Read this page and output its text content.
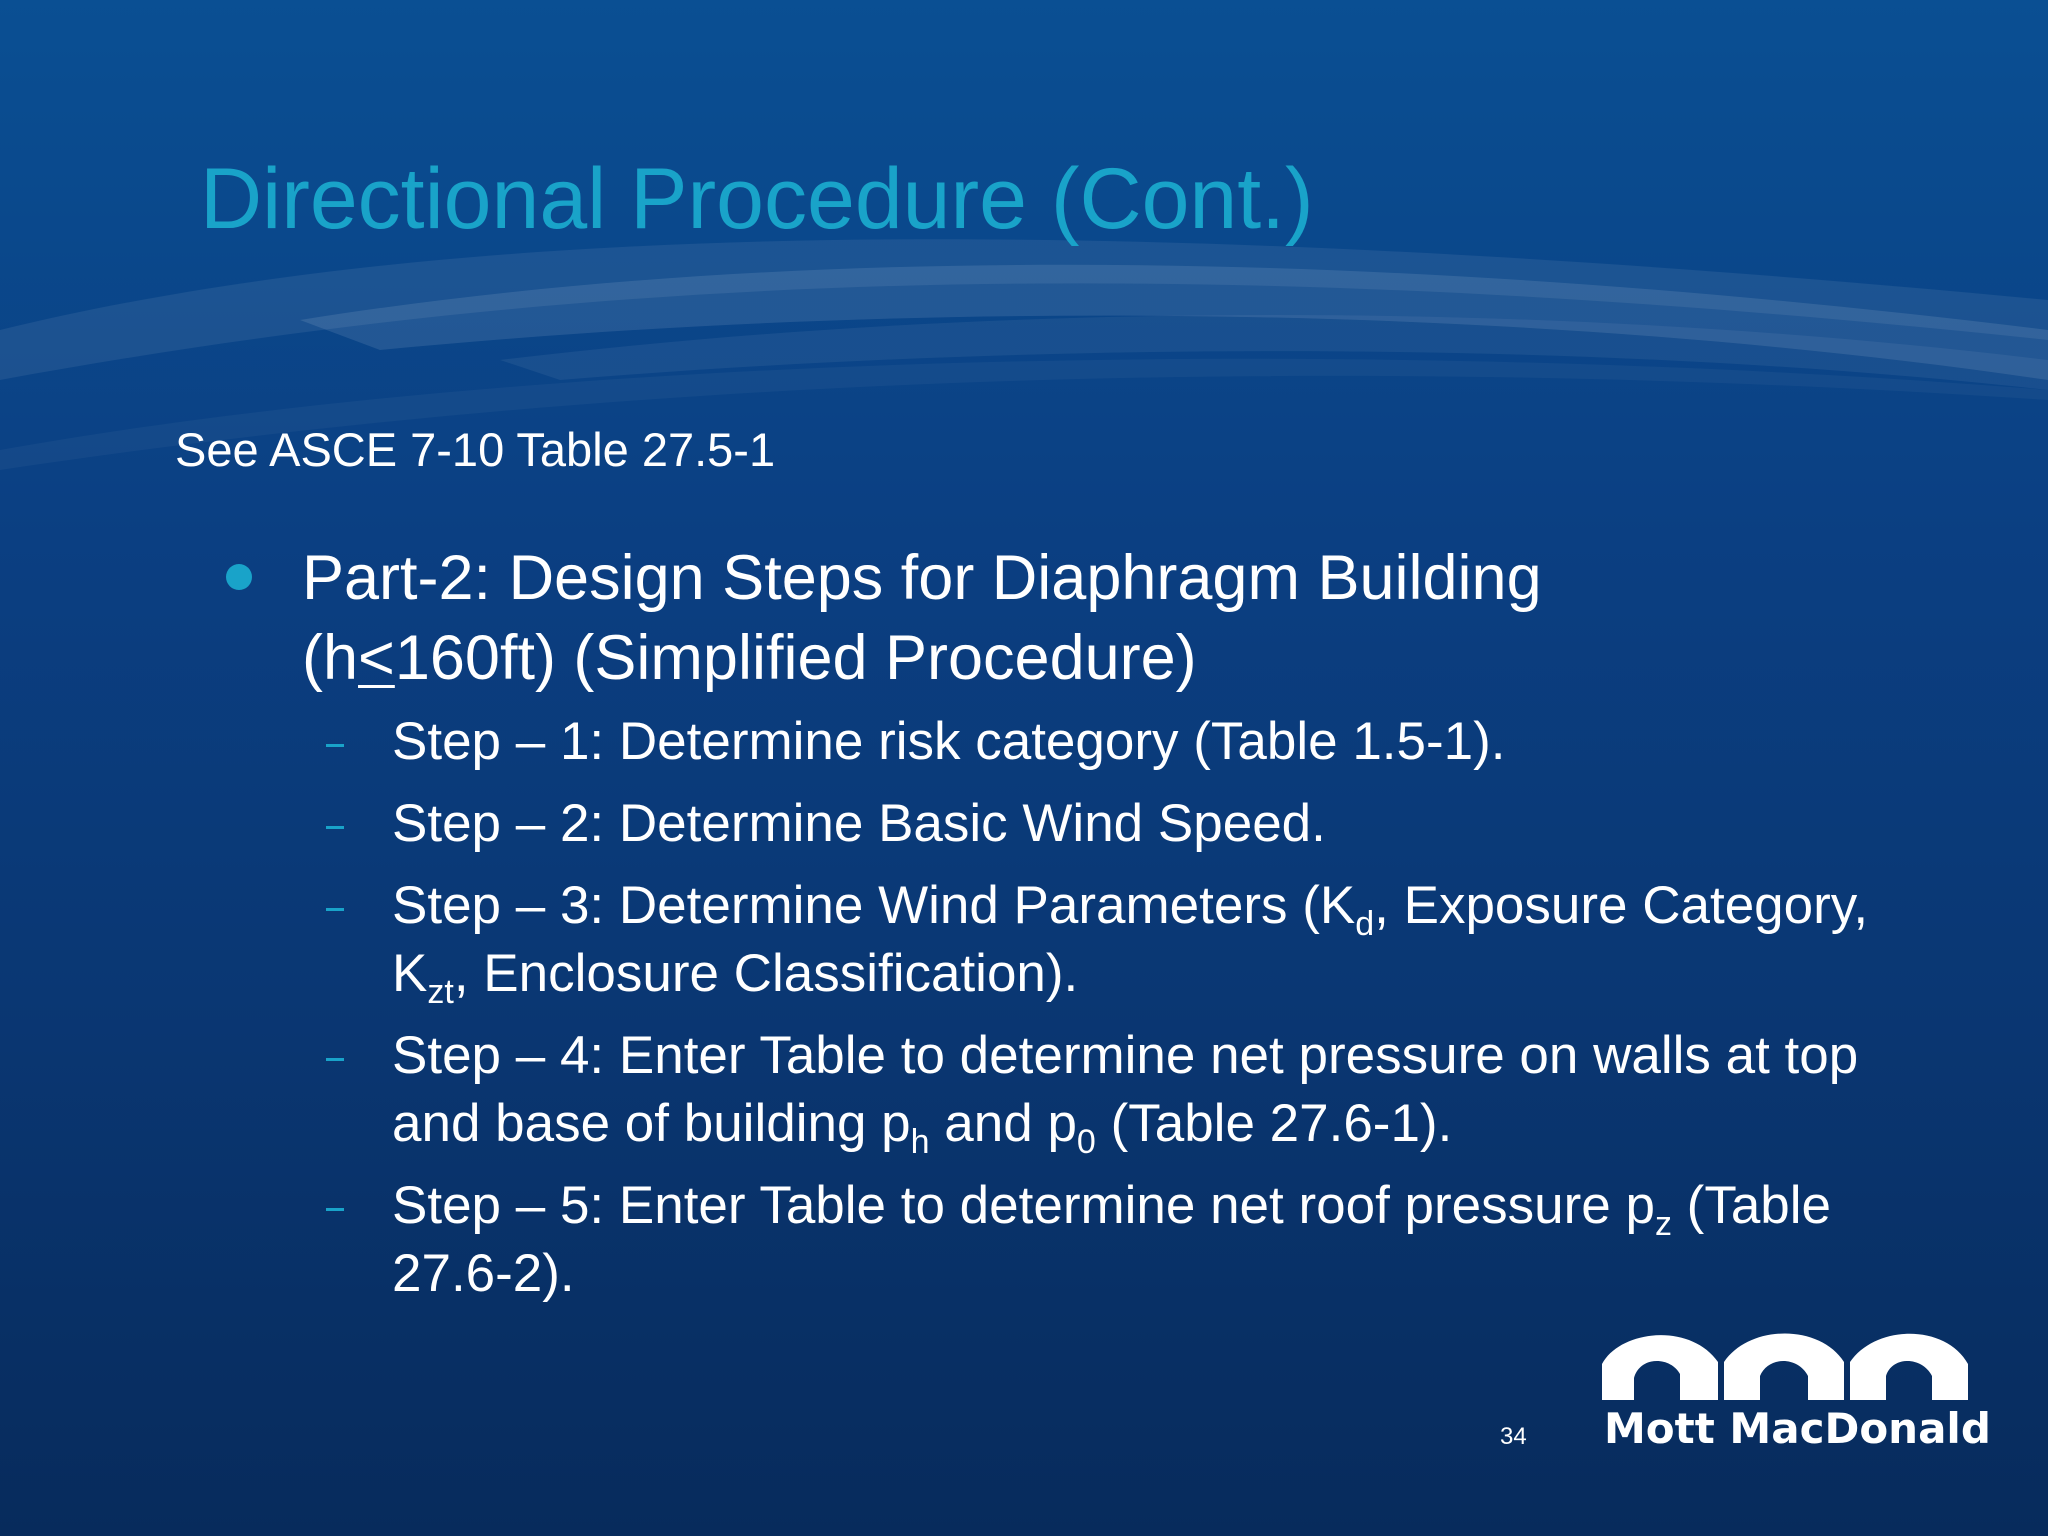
Directional Procedure (Cont.)
See ASCE 7-10 Table 27.5-1
Part-2: Design Steps for Diaphragm Building
(h≤160ft) (Simplified Procedure)
Step – 1: Determine risk category (Table 1.5-1).
Step – 2: Determine Basic Wind Speed.
Step – 3: Determine Wind Parameters ($K_d$, Exposure Category, $K_{zt}$, Enclosure Classification).
Step – 4: Enter Table to determine net pressure on walls at top and base of building $p_h$ and $p_0$ (Table 27.6-1).
Step – 5: Enter Table to determine net roof pressure $p_z$ (Table 27.6-2).
34 Mott MacDonald
